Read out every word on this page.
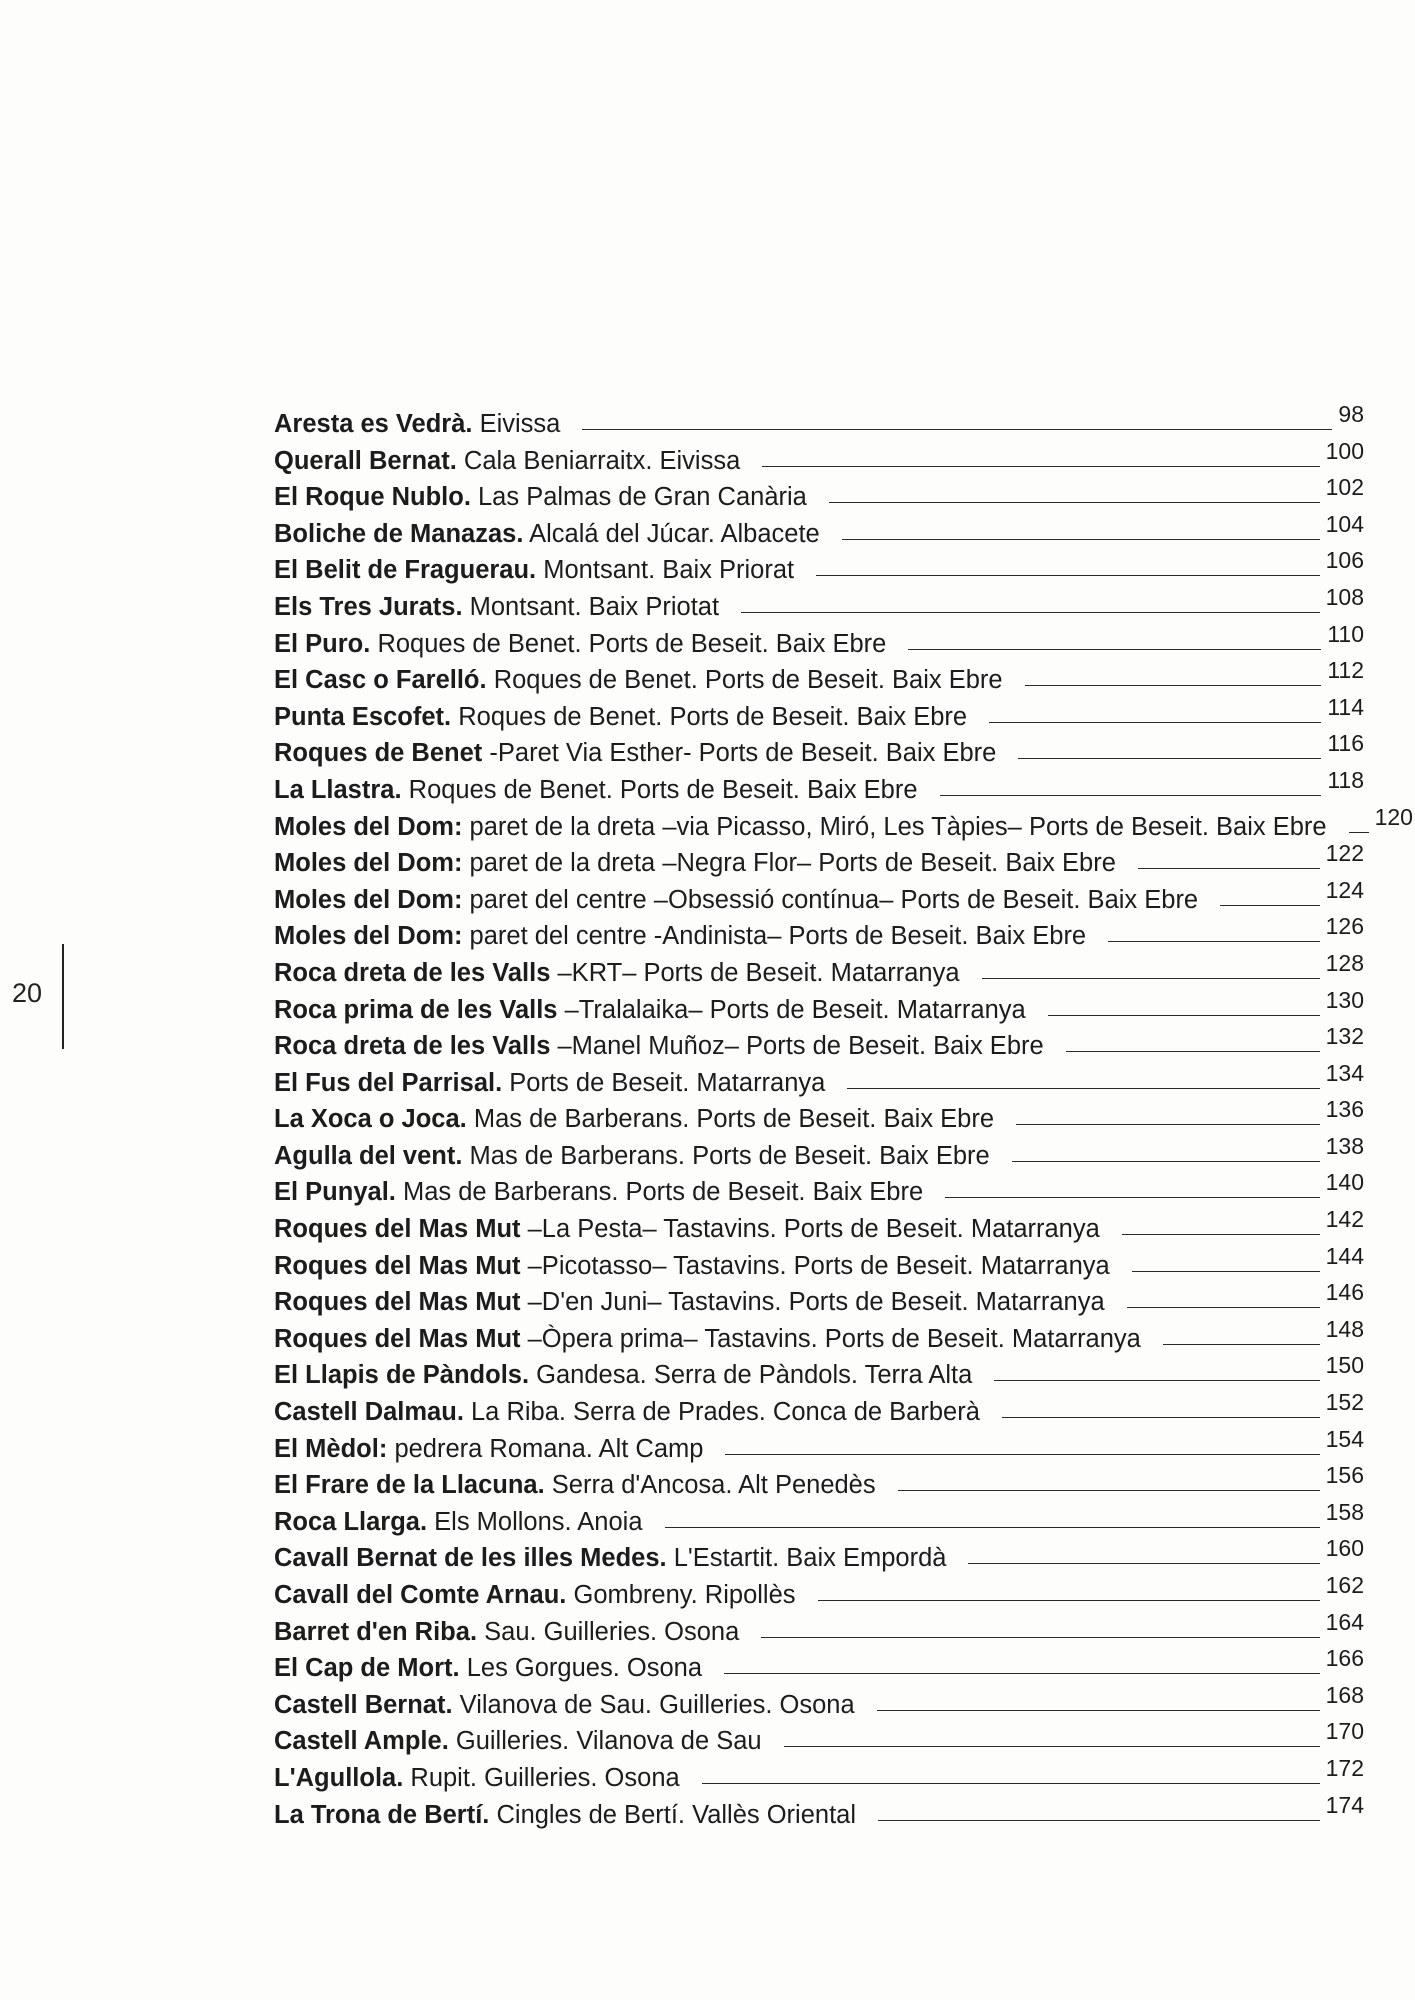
20
Aresta es Vedrà. Eivissa	98
Querall Bernat. Cala Beniarraitx. Eivissa	100
El Roque Nublo. Las Palmas de Gran Canària	102
Boliche de Manazas. Alcalá del Júcar. Albacete	104
El Belit de Fraguerau. Montsant. Baix Priorat	106
Els Tres Jurats. Montsant. Baix Priotat	108
El Puro. Roques de Benet. Ports de Beseit. Baix Ebre	110
El Casc o Farelló. Roques de Benet. Ports de Beseit. Baix Ebre	112
Punta Escofet. Roques de Benet. Ports de Beseit. Baix Ebre	114
Roques de Benet -Paret Via Esther- Ports de Beseit. Baix Ebre	116
La Llastra. Roques de Benet. Ports de Beseit. Baix Ebre	118
Moles del Dom: paret de la dreta –via Picasso, Miró, Les Tàpies– Ports de Beseit. Baix Ebre 120
Moles del Dom: paret de la dreta –Negra Flor– Ports de Beseit. Baix Ebre	122
Moles del Dom: paret del centre –Obsessió contínua– Ports de Beseit. Baix Ebre	124
Moles del Dom: paret del centre -Andinista– Ports de Beseit. Baix Ebre	126
Roca dreta de les Valls –KRT– Ports de Beseit. Matarranya	128
Roca prima de les Valls –Tralalaika– Ports de Beseit. Matarranya	130
Roca dreta de les Valls –Manel Muñoz– Ports de Beseit. Baix Ebre	132
El Fus del Parrisal. Ports de Beseit. Matarranya	134
La Xoca o Joca. Mas de Barberans. Ports de Beseit. Baix Ebre	136
Agulla del vent. Mas de Barberans. Ports de Beseit. Baix Ebre	138
El Punyal. Mas de Barberans. Ports de Beseit. Baix Ebre	140
Roques del Mas Mut –La Pesta– Tastavins. Ports de Beseit. Matarranya	142
Roques del Mas Mut –Picotasso– Tastavins. Ports de Beseit. Matarranya	144
Roques del Mas Mut –D'en Juni– Tastavins. Ports de Beseit. Matarranya	146
Roques del Mas Mut –Òpera prima– Tastavins. Ports de Beseit. Matarranya	148
El Llapis de Pàndols. Gandesa. Serra de Pàndols. Terra Alta	150
Castell Dalmau. La Riba. Serra de Prades. Conca de Barberà	152
El Mèdol: pedrera Romana. Alt Camp	154
El Frare de la Llacuna. Serra d'Ancosa. Alt Penedès	156
Roca Llarga. Els Mollons. Anoia	158
Cavall Bernat de les illes Medes. L'Estartit. Baix Empordà	160
Cavall del Comte Arnau. Gombreny. Ripollès	162
Barret d'en Riba. Sau. Guilleries. Osona	164
El Cap de Mort. Les Gorgues. Osona	166
Castell Bernat. Vilanova de Sau. Guilleries. Osona	168
Castell Ample. Guilleries. Vilanova de Sau	170
L'Agullola. Rupit. Guilleries. Osona	172
La Trona de Bertí. Cingles de Bertí. Vallès Oriental	174
